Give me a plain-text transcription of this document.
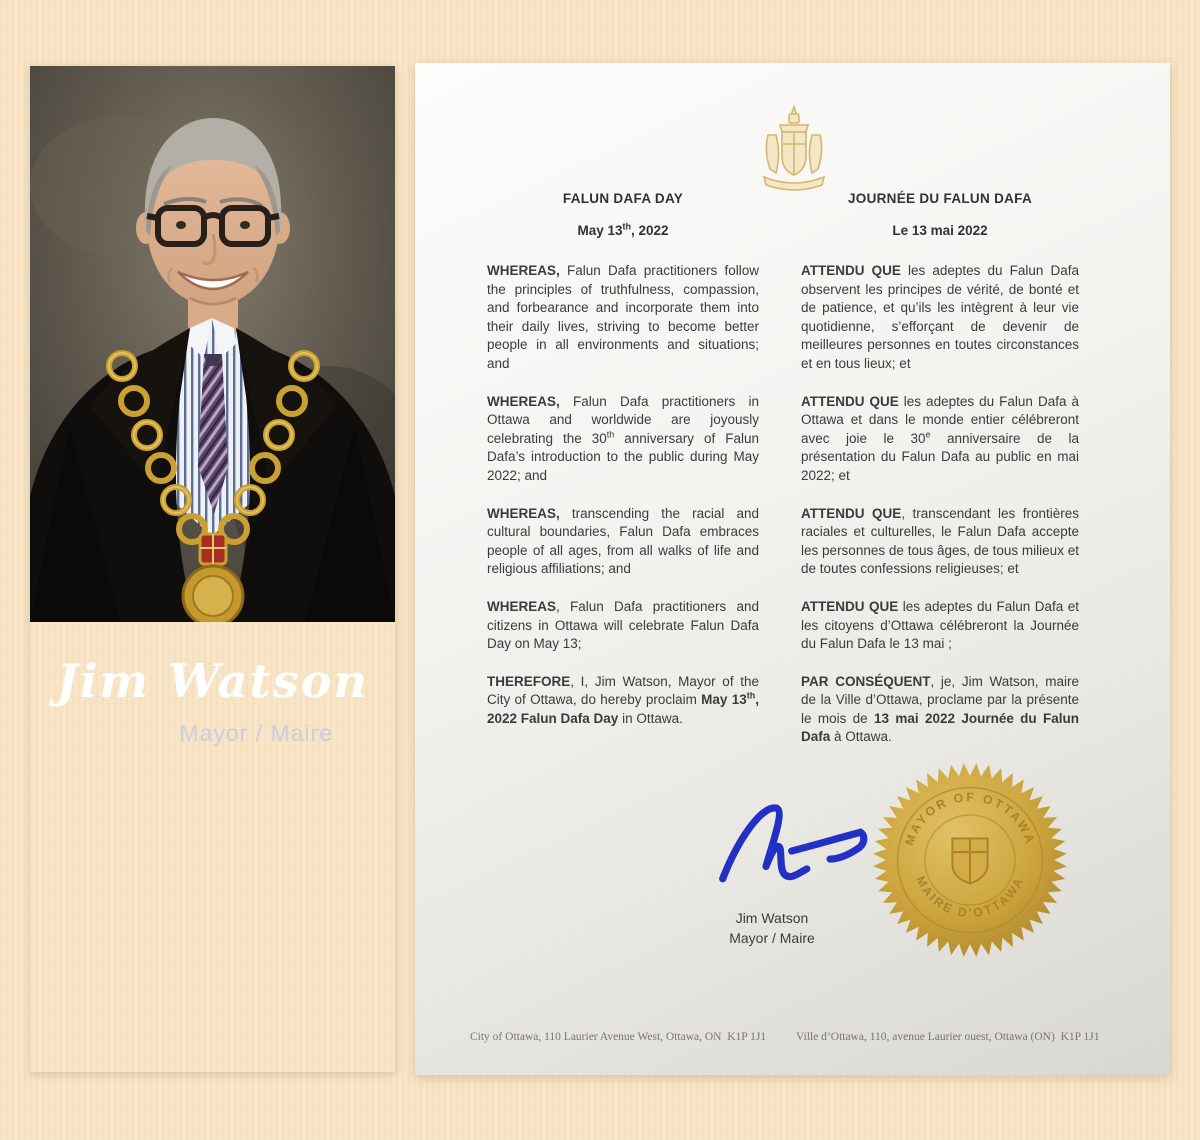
Jim Watson
Mayor / Maire

FALUN DAFA DAY

May 13th, 2022

WHEREAS, Falun Dafa practitioners follow the principles of truthfulness, compassion, and forbearance and incorporate them into their daily lives, striving to become better people in all environments and situations; and

WHEREAS, Falun Dafa practitioners in Ottawa and worldwide are joyously celebrating the 30th anniversary of Falun Dafa’s introduction to the public during May 2022; and

WHEREAS, transcending the racial and cultural boundaries, Falun Dafa embraces people of all ages, from all walks of life and religious affiliations; and

WHEREAS, Falun Dafa practitioners and citizens in Ottawa will celebrate Falun Dafa Day on May 13;

THEREFORE, I, Jim Watson, Mayor of the City of Ottawa, do hereby proclaim May 13th, 2022 Falun Dafa Day in Ottawa.

JOURNÉE DU FALUN DAFA

Le 13 mai 2022

ATTENDU QUE les adeptes du Falun Dafa observent les principes de vérité, de bonté et de patience, et qu’ils les intègrent à leur vie quotidienne, s’efforçant de devenir de meilleures personnes en toutes circonstances et en tous lieux; et

ATTENDU QUE les adeptes du Falun Dafa à Ottawa et dans le monde entier célébreront avec joie le 30e anniversaire de la présentation du Falun Dafa au public en mai 2022; et

ATTENDU QUE, transcendant les frontières raciales et culturelles, le Falun Dafa accepte les personnes de tous âges, de tous milieux et de toutes confessions religieuses; et

ATTENDU QUE les adeptes du Falun Dafa et les citoyens d’Ottawa célébreront la Journée du Falun Dafa le 13 mai ;

PAR CONSÉQUENT, je, Jim Watson, maire de la Ville d’Ottawa, proclame par la présente le mois de 13 mai 2022 Journée du Falun Dafa à Ottawa.

Jim Watson
Mayor / Maire
MAYOR OF OTTAWA
MAIRE D'OTTAWA
City of Ottawa, 110 Laurier Avenue West, Ottawa, ON  K1P 1J1	Ville d’Ottawa, 110, avenue Laurier ouest, Ottawa (ON)  K1P 1J1
